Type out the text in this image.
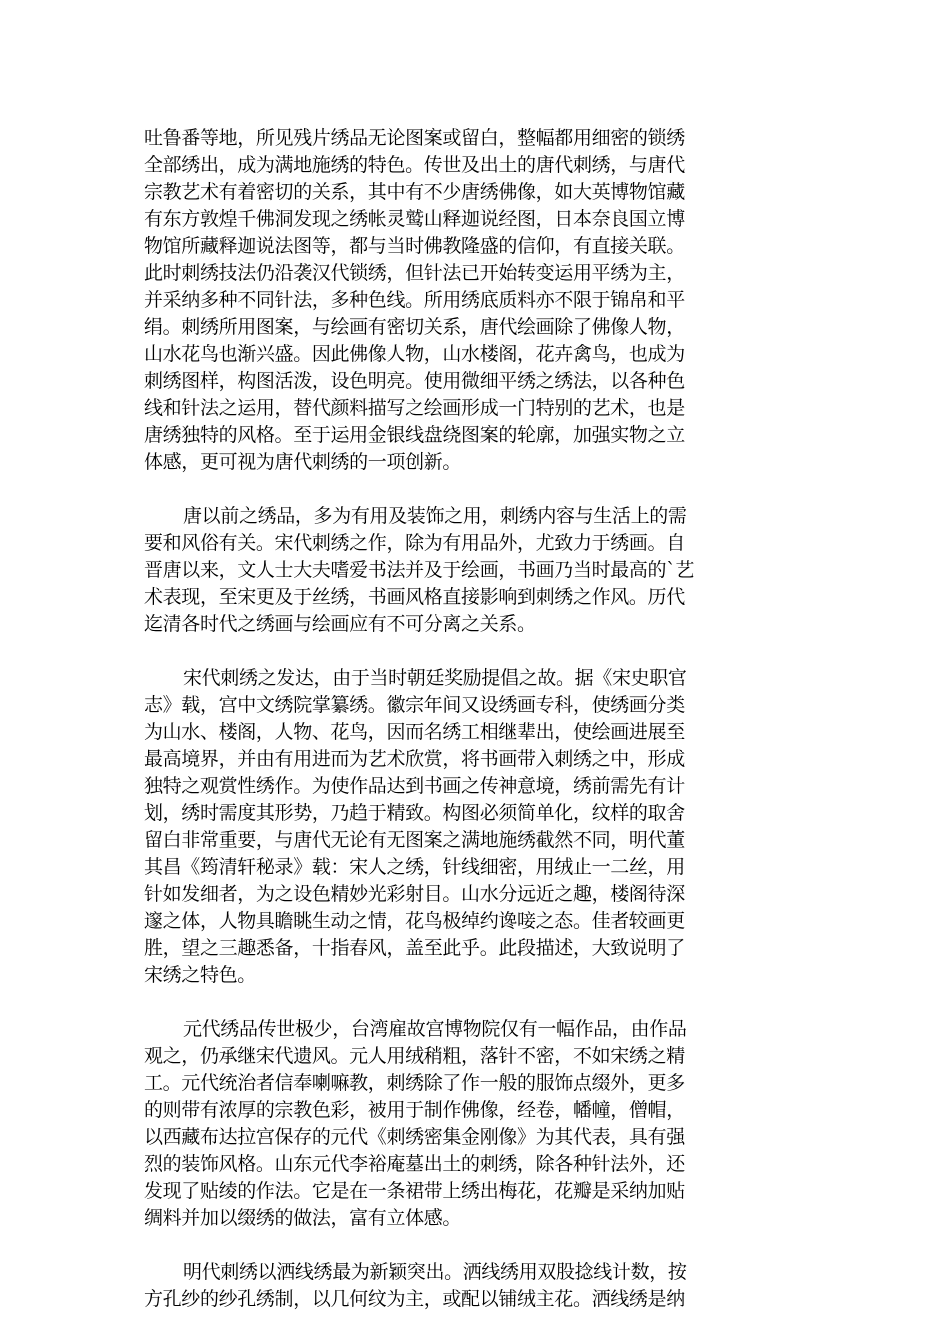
吐鲁番等地，所见残片绣品无论图案或留白，整幅都用细密的锁绣
全部绣出，成为满地施绣的特色。传世及出土的唐代刺绣，与唐代
宗教艺术有着密切的关系，其中有不少唐绣佛像，如大英博物馆藏
有东方敦煌千佛洞发现之绣帐灵鹫山释迦说经图，日本奈良国立博
物馆所藏释迦说法图等，都与当时佛教隆盛的信仰，有直接关联。
此时刺绣技法仍沿袭汉代锁绣，但针法已开始转变运用平绣为主，
并采纳多种不同针法，多种色线。所用绣底质料亦不限于锦帛和平
绢。刺绣所用图案，与绘画有密切关系，唐代绘画除了佛像人物，
山水花鸟也渐兴盛。因此佛像人物，山水楼阁，花卉禽鸟，也成为
刺绣图样，构图活泼，设色明亮。使用微细平绣之绣法，以各种色
线和针法之运用，替代颜料描写之绘画形成一门特别的艺术，也是
唐绣独特的风格。至于运用金银线盘绕图案的轮廓，加强实物之立
体感，更可视为唐代刺绣的一项创新。
唐以前之绣品，多为有用及装饰之用，刺绣内容与生活上的需
要和风俗有关。宋代刺绣之作，除为有用品外，尤致力于绣画。自
晋唐以来，文人士大夫嗜爱书法并及于绘画，书画乃当时最高的`艺
术表现，至宋更及于丝绣，书画风格直接影响到刺绣之作风。历代
迄清各时代之绣画与绘画应有不可分离之关系。
宋代刺绣之发达，由于当时朝廷奖励提倡之故。据《宋史职官
志》载，宫中文绣院掌纂绣。徽宗年间又设绣画专科，使绣画分类
为山水、楼阁，人物、花鸟，因而名绣工相继辈出，使绘画进展至
最高境界，并由有用进而为艺术欣赏，将书画带入刺绣之中，形成
独特之观赏性绣作。为使作品达到书画之传神意境，绣前需先有计
划，绣时需度其形势，乃趋于精致。构图必须简单化，纹样的取舍
留白非常重要，与唐代无论有无图案之满地施绣截然不同，明代董
其昌《筠清轩秘录》载：宋人之绣，针线细密，用绒止一二丝，用
针如发细者，为之设色精妙光彩射目。山水分远近之趣，楼阁待深
邃之体，人物具瞻眺生动之情，花鸟极绰约谗唼之态。佳者较画更
胜，望之三趣悉备，十指春风，盖至此乎。此段描述，大致说明了
宋绣之特色。
元代绣品传世极少，台湾雇故宫博物院仅有一幅作品，由作品
观之，仍承继宋代遗风。元人用绒稍粗，落针不密，不如宋绣之精
工。元代统治者信奉喇嘛教，刺绣除了作一般的服饰点缀外，更多
的则带有浓厚的宗教色彩，被用于制作佛像，经卷，幡幢，僧帽，
以西藏布达拉宫保存的元代《刺绣密集金刚像》为其代表，具有强
烈的装饰风格。山东元代李裕庵墓出土的刺绣，除各种针法外，还
发现了贴绫的作法。它是在一条裙带上绣出梅花，花瓣是采纳加贴
绸料并加以缀绣的做法，富有立体感。
明代刺绣以洒线绣最为新颖突出。洒线绣用双股捻线计数，按
方孔纱的纱孔绣制，以几何纹为主，或配以铺绒主花。洒线绣是纳
